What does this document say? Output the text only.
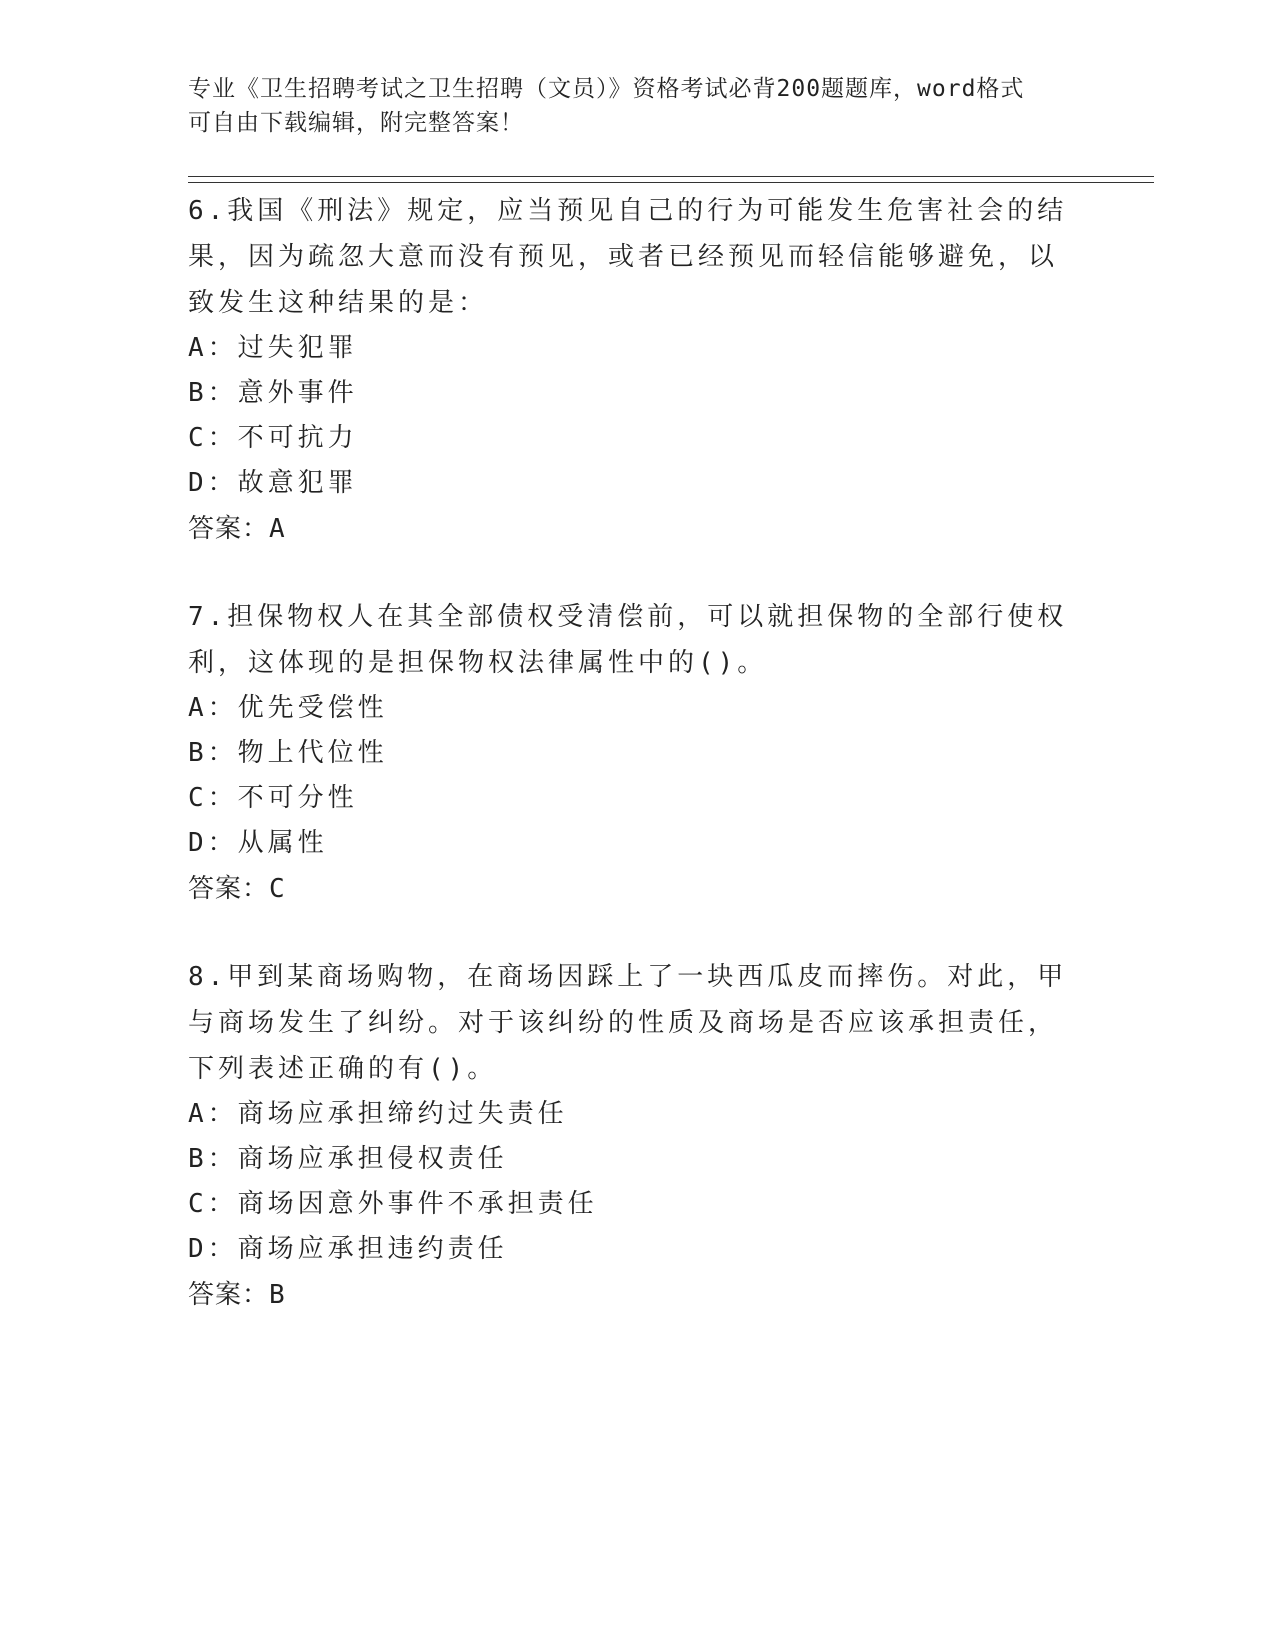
专业《卫生招聘考试之卫生招聘（文员）》资格考试必背200题题库，word格式
可自由下载编辑，附完整答案！
6.我国《刑法》规定，应当预见自己的行为可能发生危害社会的结果，因为疏忽大意而没有预见，或者已经预见而轻信能够避免，以致发生这种结果的是：
A：过失犯罪
B：意外事件
C：不可抗力
D：故意犯罪
答案：A
7.担保物权人在其全部债权受清偿前，可以就担保物的全部行使权利，这体现的是担保物权法律属性中的()。
A：优先受偿性
B：物上代位性
C：不可分性
D：从属性
答案：C
8.甲到某商场购物，在商场因踩上了一块西瓜皮而摔伤。对此，甲与商场发生了纠纷。对于该纠纷的性质及商场是否应该承担责任，下列表述正确的有()。
A：商场应承担缔约过失责任
B：商场应承担侵权责任
C：商场因意外事件不承担责任
D：商场应承担违约责任
答案：B
